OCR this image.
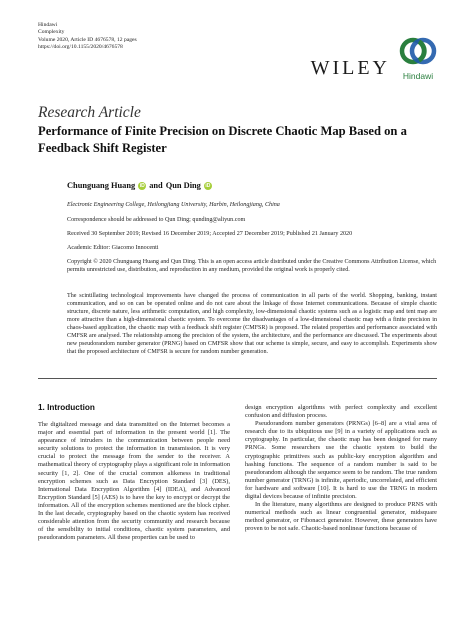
Hindawi
Complexity
Volume 2020, Article ID 4676578, 12 pages
https://doi.org/10.1155/2020/4676578
WILEY Hindawi
Research Article
Performance of Finite Precision on Discrete Chaotic Map Based on a Feedback Shift Register
Chunguang Huang iD and Qun Ding iD
Electronic Engineering College, Heilongjiang University, Harbin, Heilongjiang, China
Correspondence should be addressed to Qun Ding; qunding@aliyun.com
Received 30 September 2019; Revised 16 December 2019; Accepted 27 December 2019; Published 21 January 2020
Academic Editor: Giacomo Innocenti
Copyright © 2020 Chunguang Huang and Qun Ding. This is an open access article distributed under the Creative Commons Attribution License, which permits unrestricted use, distribution, and reproduction in any medium, provided the original work is properly cited.
The scintillating technological improvements have changed the process of communication in all parts of the world. Shopping, banking, instant communication, and so on can be operated online and do not care about the linkage of those Internet communications. Because of simple chaotic structure, discrete nature, less arithmetic computation, and high complexity, low-dimensional chaotic systems such as a logistic map and tent map are more attractive than a high-dimensional chaotic system. To overcome the disadvantages of a low-dimensional chaotic map with a finite precision in chaos-based application, the chaotic map with a feedback shift register (CMFSR) is proposed. The related properties and performance associated with CMFSR are analysed. The relationship among the precision of the system, the architecture, and the performance are discussed. The experiments about new pseudorandom number generator (PRNG) based on CMFSR show that our scheme is simple, secure, and easy to accomplish. Experiments show that the proposed architecture of CMFSR is secure for random number generation.
1. Introduction

The digitalized message and data transmitted on the Internet becomes a major and essential part of information in the present world [1]. The appearance of intruders in the communication between people need security solutions to protect the information in transmission. It is very crucial to protect the message from the sender to the receiver. A mathematical theory of cryptography plays a significant role in information security [1, 2]. One of the crucial common alikeness in traditional encryption schemes such as Data Encryption Standard [3] (DES), International Data Encryption Algorithm [4] (IDEA), and Advanced Encryption Standard [5] (AES) is to have the key to encrypt or decrypt the information. All of the encryption schemes mentioned are the block cipher. In the last decade, cryptography based on the chaotic system has received considerable attention from the security community and research because of the sensibility to initial conditions, chaotic system parameters, and pseudorandom parameters. All these properties can be used to

design encryption algorithms with perfect complexity and excellent confusion and diffusion process.

Pseudorandom number generators (PRNGs) [6–8] are a vital area of research due to its ubiquitous use [9] in a variety of applications such as cryptography. In particular, the chaotic map has been designed for many PRNGs. Some researchers use the chaotic system to build the cryptographic primitives such as public-key encryption algorithm and hashing functions. The sequence of a random number is said to be pseudorandom although the sequence seem to be random. The true random number generator (TRNG) is infinite, aperiodic, uncorrelated, and efficient for hardware and software [10]. It is hard to use the TRNG in modern digital devices because of infinite precision.

In the literature, many algorithms are designed to produce PRNS with numerical methods such as linear congruential generator, midsquare method generator, or Fibonacci generator. However, these generators have proven to be not safe. Chaotic-based nonlinear functions because of
